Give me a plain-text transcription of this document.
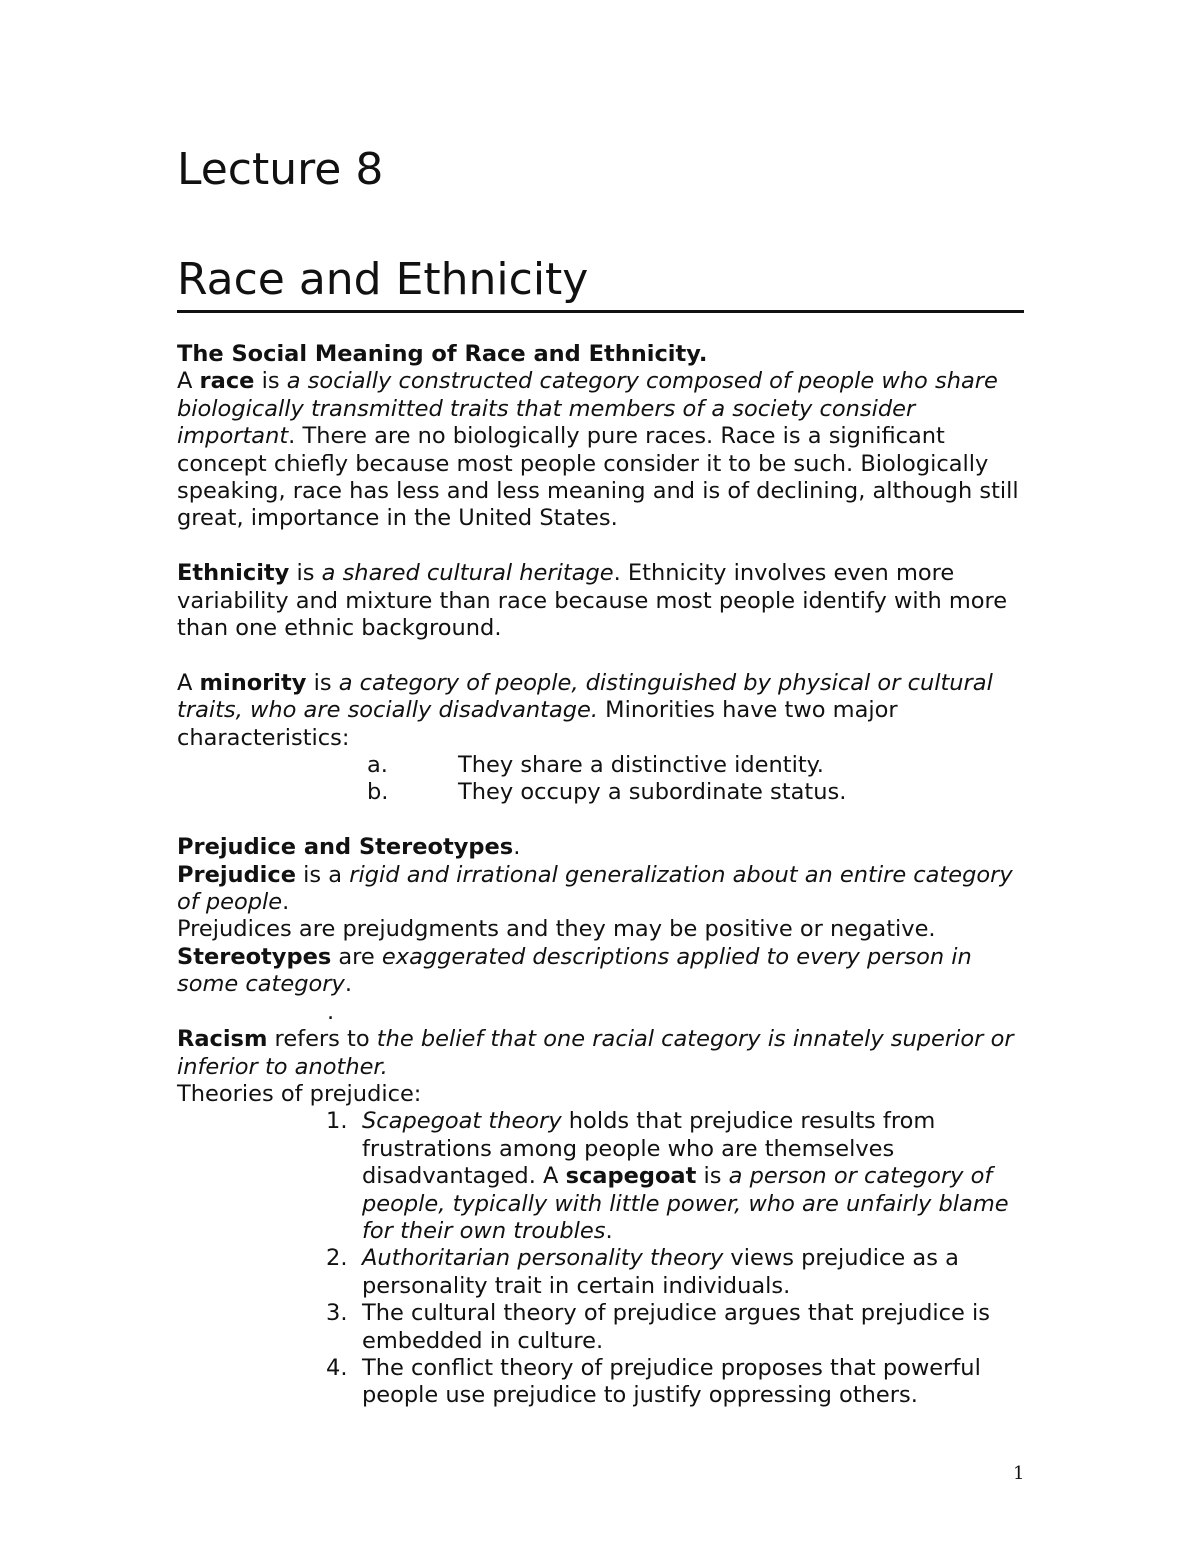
Lecture 8
Race and Ethnicity

The Social Meaning of Race and Ethnicity.

A race is a socially constructed category composed of people who share biologically transmitted traits that members of a society consider important. There are no biologically pure races. Race is a significant concept chiefly because most people consider it to be such. Biologically speaking, race has less and less meaning and is of declining, although still great, importance in the United States.

Ethnicity is a shared cultural heritage. Ethnicity involves even more variability and mixture than race because most people identify with more than one ethnic background.

A minority is a category of people, distinguished by physical or cultural traits, who are socially disadvantage. Minorities have two major characteristics:

a.	They share a distinctive identity.
b.	They occupy a subordinate status.

Prejudice and Stereotypes.

Prejudice is a rigid and irrational generalization about an entire category of people.

Prejudices are prejudgments and they may be positive or negative.

Stereotypes are exaggerated descriptions applied to every person in some category.

.

Racism refers to the belief that one racial category is innately superior or inferior to another.

Theories of prejudice:

1. Scapegoat theory holds that prejudice results from frustrations among people who are themselves disadvantaged. A scapegoat is a person or category of people, typically with little power, who are unfairly blame for their own troubles.
2. Authoritarian personality theory views prejudice as a personality trait in certain individuals.
3. The cultural theory of prejudice argues that prejudice is embedded in culture.
4. The conflict theory of prejudice proposes that powerful people use prejudice to justify oppressing others.
1
